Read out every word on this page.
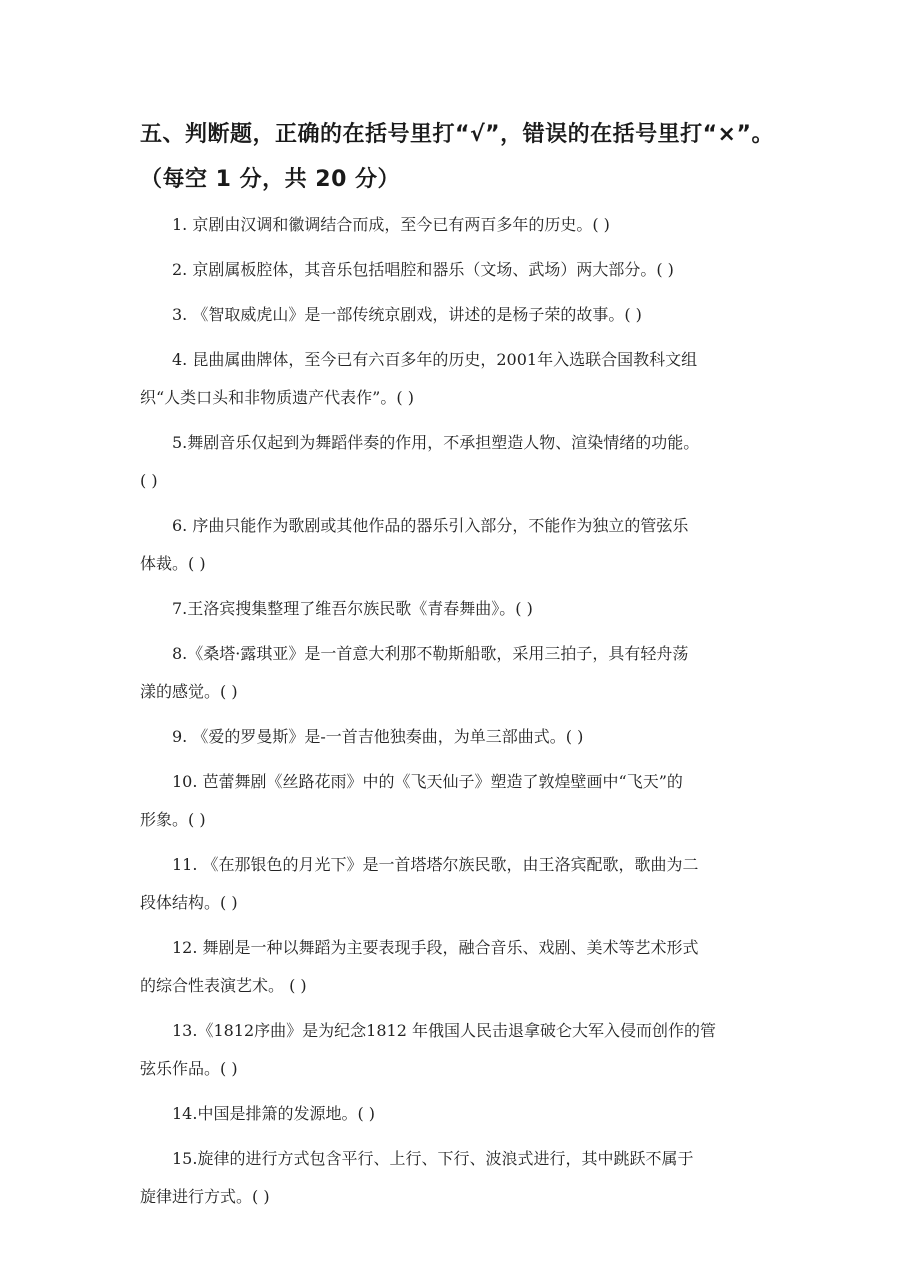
五、判断题，正确的在括号里打“√”，错误的在括号里打“×”。
（每空 1 分，共 20 分）
1. 京剧由汉调和徽调结合而成，至今已有两百多年的历史。( )
2. 京剧属板腔体，其音乐包括唱腔和器乐（文场、武场）两大部分。( )
3. 《智取威虎山》是一部传统京剧戏，讲述的是杨子荣的故事。( )
4. 昆曲属曲牌体，至今已有六百多年的历史，2001年入选联合国教科文组
织“人类口头和非物质遗产代表作”。( )
5.舞剧音乐仅起到为舞蹈伴奏的作用，不承担塑造人物、渲染情绪的功能。
( )
6. 序曲只能作为歌剧或其他作品的器乐引入部分，不能作为独立的管弦乐
体裁。( )
7.王洛宾搜集整理了维吾尔族民歌《青春舞曲》。( )
8.《桑塔·露琪亚》是一首意大利那不勒斯船歌，采用三拍子，具有轻舟荡
漾的感觉。( )
9. 《爱的罗曼斯》是-一首吉他独奏曲，为单三部曲式。( )
10. 芭蕾舞剧《丝路花雨》中的《飞天仙子》塑造了敦煌壁画中“飞天”的
形象。( )
11. 《在那银色的月光下》是一首塔塔尔族民歌，由王洛宾配歌，歌曲为二
段体结构。( )
12. 舞剧是一种以舞蹈为主要表现手段，融合音乐、戏剧、美术等艺术形式
的综合性表演艺术。 ( )
13.《1812序曲》是为纪念1812 年俄国人民击退拿破仑大军入侵而创作的管
弦乐作品。( )
14.中国是排箫的发源地。( )
15.旋律的进行方式包含平行、上行、下行、波浪式进行，其中跳跃不属于
旋律进行方式。( )
